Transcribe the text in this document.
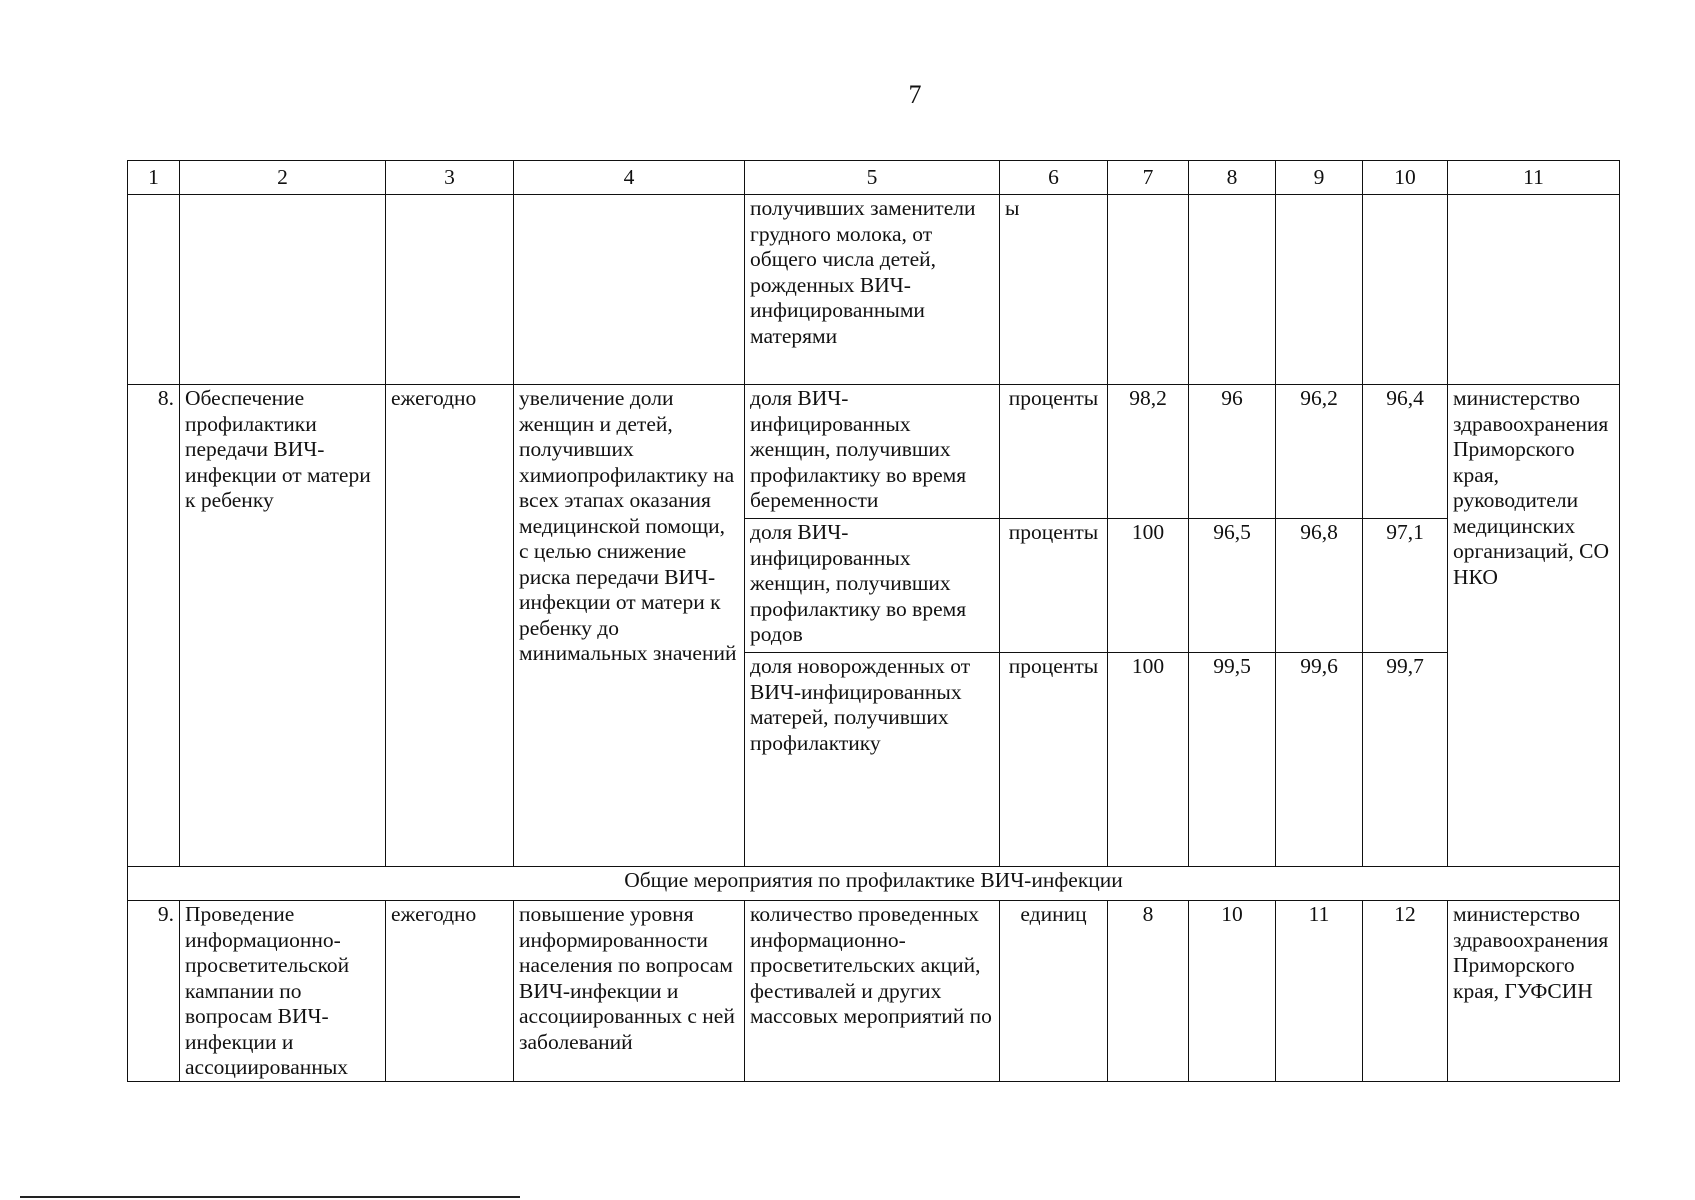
7
1	2	3	4	5	6	7	8	9	10	11
				получивших заменители грудного молока, от общего числа детей, рожденных ВИЧ-инфицированными матерями	ы					
8.	Обеспечение профилактики передачи ВИЧ-инфекции от матери к ребенку	ежегодно	увеличение доли женщин и детей, получивших химиопрофилактику на всех этапах оказания медицинской помощи, с целью снижение риска передачи ВИЧ-инфекции от матери к ребенку до минимальных значений	доля ВИЧ-инфицированных женщин, получивших профилактику во время беременности	проценты	98,2	96	96,2	96,4	министерство здравоохранения Приморского края, руководители медицинских организаций, СО НКО
				доля ВИЧ-инфицированных женщин, получивших профилактику во время родов	проценты	100	96,5	96,8	97,1	
				доля новорожденных от ВИЧ-инфицированных матерей, получивших профилактику	проценты	100	99,5	99,6	99,7	
Общие мероприятия по профилактике ВИЧ-инфекции										
9.	Проведение информационно-просветительской кампании по вопросам ВИЧ-инфекции и ассоциированных	ежегодно	повышение уровня информированности населения по вопросам ВИЧ-инфекции и ассоциированных с ней заболеваний	количество проведенных информационно-просветительских акций, фестивалей и других массовых мероприятий по	единиц	8	10	11	12	министерство здравоохранения Приморского края, ГУФСИН
